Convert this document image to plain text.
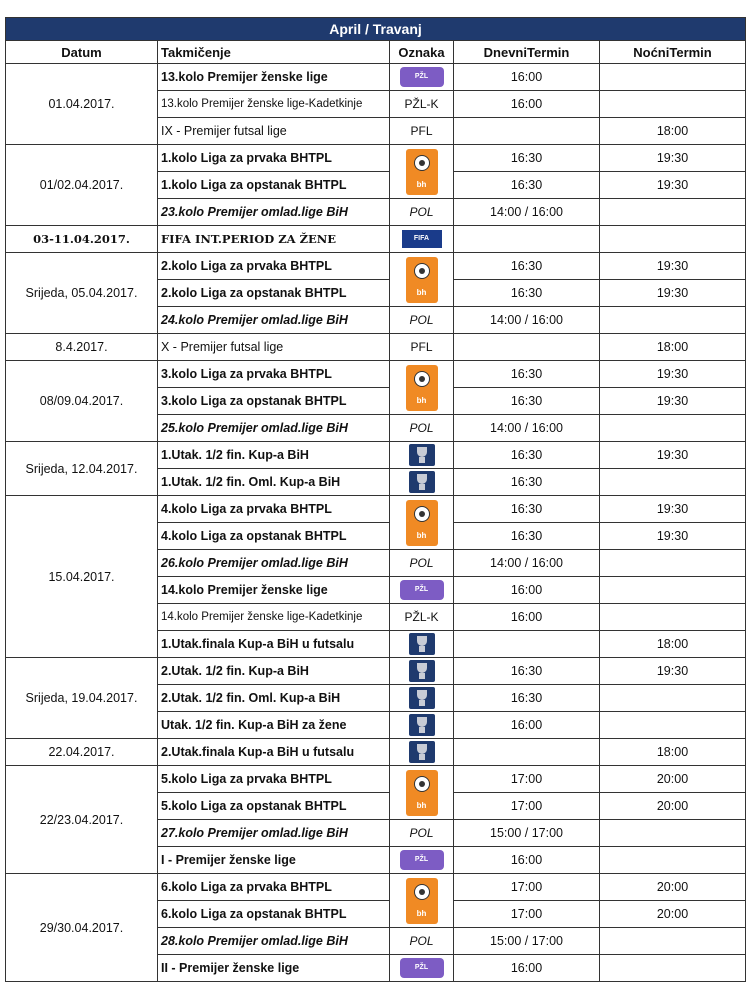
April / Travanj				
Datum	Takmičenje	Oznaka	DnevniTermin	NoćniTermin
01.04.2017.	13.kolo Premijer ženske lige	PŽL	16:00	
	13.kolo Premijer ženske lige-Kadetkinje	PŽL-K	16:00	
	IX - Premijer futsal lige	PFL		18:00
01/02.04.2017.	1.kolo Liga za prvaka BHTPL	bh	16:30	19:30
	1.kolo Liga za opstanak BHTPL		16:30	19:30
	23.kolo Premijer omlad.lige BiH	POL	14:00 / 16:00	
03-11.04.2017.	FIFA INT.PERIOD ZA ŽENE	FIFA		
Srijeda, 05.04.2017.	2.kolo Liga za prvaka BHTPL	bh	16:30	19:30
	2.kolo Liga za opstanak BHTPL		16:30	19:30
	24.kolo Premijer omlad.lige BiH	POL	14:00 / 16:00	
8.4.2017.	X - Premijer futsal lige	PFL		18:00
08/09.04.2017.	3.kolo Liga za prvaka BHTPL	bh	16:30	19:30
	3.kolo Liga za opstanak BHTPL		16:30	19:30
	25.kolo Premijer omlad.lige BiH	POL	14:00 / 16:00	
Srijeda, 12.04.2017.	1.Utak. 1/2 fin. Kup-a BiH		16:30	19:30
	1.Utak. 1/2 fin. Oml. Kup-a BiH		16:30	
15.04.2017.	4.kolo Liga za prvaka BHTPL	bh	16:30	19:30
	4.kolo Liga za opstanak BHTPL		16:30	19:30
	26.kolo Premijer omlad.lige BiH	POL	14:00 / 16:00	
	14.kolo Premijer ženske lige	PŽL	16:00	
	14.kolo Premijer ženske lige-Kadetkinje	PŽL-K	16:00	
	1.Utak.finala Kup-a BiH u futsalu			18:00
Srijeda, 19.04.2017.	2.Utak. 1/2 fin. Kup-a BiH		16:30	19:30
	2.Utak. 1/2 fin. Oml. Kup-a BiH		16:30	
	Utak. 1/2 fin. Kup-a BiH za žene		16:00	
22.04.2017.	2.Utak.finala Kup-a BiH u futsalu			18:00
22/23.04.2017.	5.kolo Liga za prvaka BHTPL	bh	17:00	20:00
	5.kolo Liga za opstanak BHTPL		17:00	20:00
	27.kolo Premijer omlad.lige BiH	POL	15:00 / 17:00	
	I - Premijer ženske lige	PŽL	16:00	
29/30.04.2017.	6.kolo Liga za prvaka BHTPL	bh	17:00	20:00
	6.kolo Liga za opstanak BHTPL		17:00	20:00
	28.kolo Premijer omlad.lige BiH	POL	15:00 / 17:00	
	II - Premijer ženske lige	PŽL	16:00	
